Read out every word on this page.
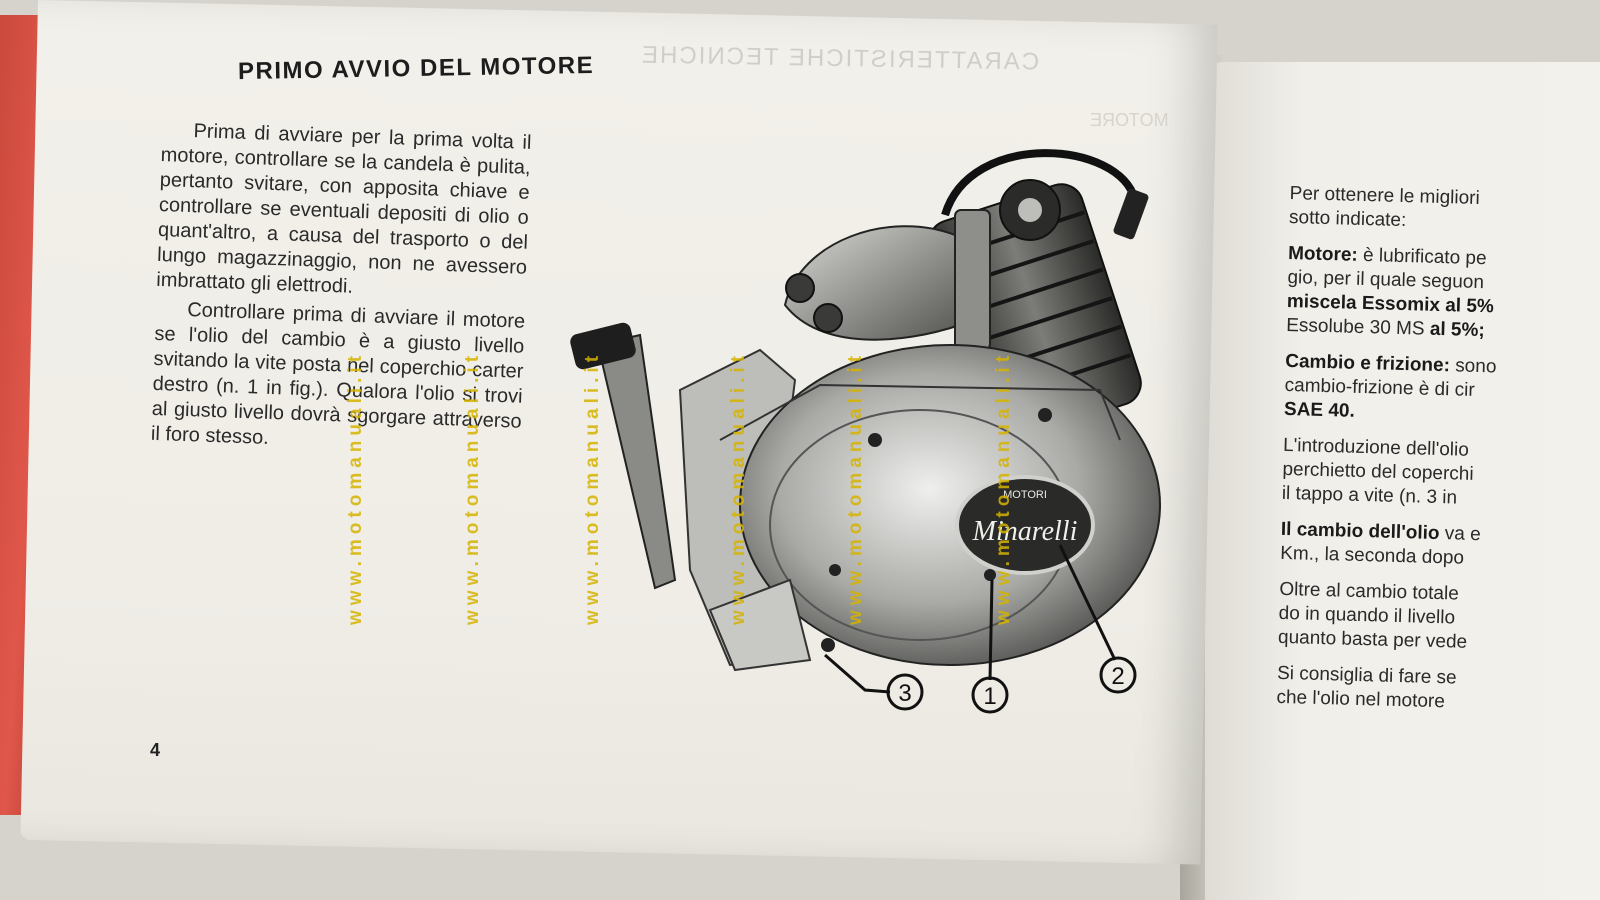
CARATTERISTICHE TECNICHE
MOTORE
PRIMO AVVIO DEL MOTORE

Prima di avviare per la prima volta il motore, controllare se la candela è pulita, pertanto svitare, con apposita chiave e controllare se eventuali depositi di olio o quant'altro, a causa del trasporto o del lungo magazzinaggio, non ne avessero imbrattato gli elettrodi.

Controllare prima di avviare il motore se l'olio del cambio è a giusto livello svitando la vite posta nel coperchio carter destro (n. 1 in fig.). Qualora l'olio si trovi al giusto livello dovrà sgorgare attraverso il foro stesso.

4
MOTORI
Minarelli
3	1
2
www.motomanuali.it	www.motomanuali.it	www.motomanuali.it	www.motomanuali.it	www.motomanuali.it	www.motomanuali.it
Per ottenere le migliori
sotto indicate:
Motore: è lubrificato pe
gio, per il quale seguon
miscela Essomix al 5%
Essolube 30 MS al 5%;
Cambio e frizione: sono
cambio-frizione è di cir
SAE 40.
L'introduzione dell'olio
perchietto del coperchi
il tappo a vite (n. 3 in
Il cambio dell'olio va e
Km., la seconda dopo
Oltre al cambio totale
do in quando il livello
quanto basta per vede
Si consiglia di fare se
che l'olio nel motore
